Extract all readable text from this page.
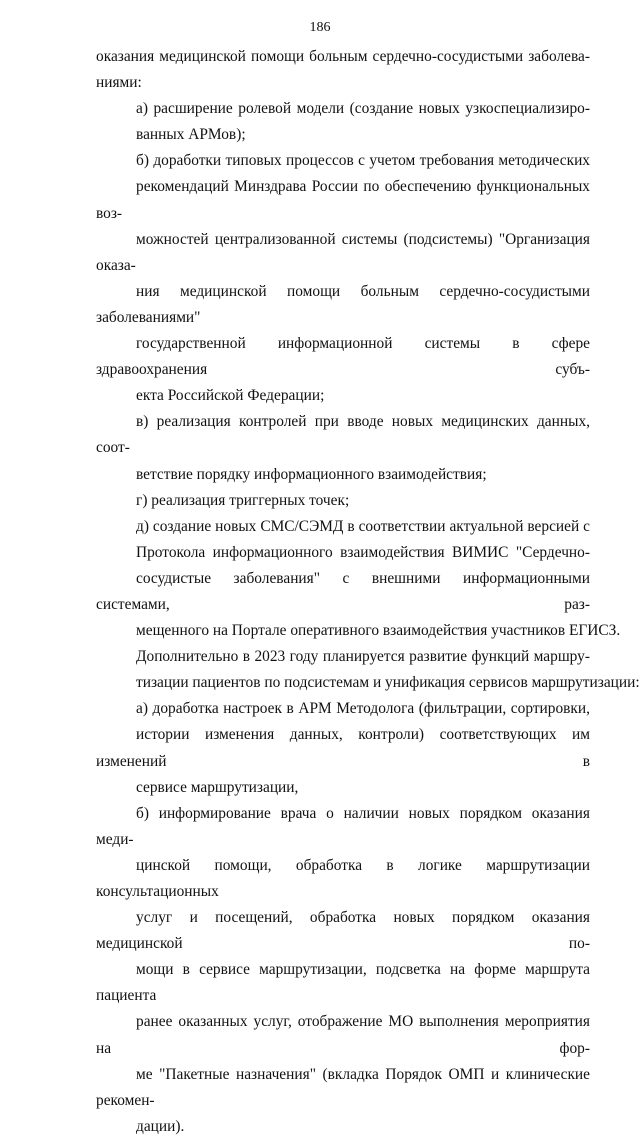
186
оказания медицинской помощи больным сердечно-сосудистыми заболева-
ниями:
а) расширение ролевой модели (создание новых узкоспециализиро-
ванных АРМов);
б) доработки типовых процессов с учетом требования методических
рекомендаций Минздрава России по обеспечению функциональных воз-
можностей централизованной системы (подсистемы) "Организация оказа-
ния медицинской помощи больным сердечно-сосудистыми заболеваниями"
государственной информационной системы в сфере здравоохранения субъ-
екта Российской Федерации;
в) реализация контролей при вводе новых медицинских данных, соот-
ветствие порядку информационного взаимодействия;
г) реализация триггерных точек;
д) создание новых СМС/СЭМД в соответствии актуальной версией с
Протокола информационного взаимодействия ВИМИС "Сердечно-
сосудистые заболевания" с внешними информационными системами, раз-
мещенного на Портале оперативного взаимодействия участников ЕГИСЗ.
Дополнительно в 2023 году планируется развитие функций маршру-
тизации пациентов по подсистемам и унификация сервисов маршрутизации:
а) доработка настроек в АРМ Методолога (фильтрации, сортировки,
истории изменения данных, контроли) соответствующих им изменений в
сервисе маршрутизации,
б) информирование врача о наличии новых порядком оказания меди-
цинской помощи, обработка в логике маршрутизации консультационных
услуг и посещений, обработка новых порядком оказания медицинской по-
мощи в сервисе маршрутизации, подсветка на форме маршрута пациента
ранее оказанных услуг, отображение МО выполнения мероприятия на фор-
ме "Пакетные назначения" (вкладка Порядок ОМП и клинические рекомен-
дации).
